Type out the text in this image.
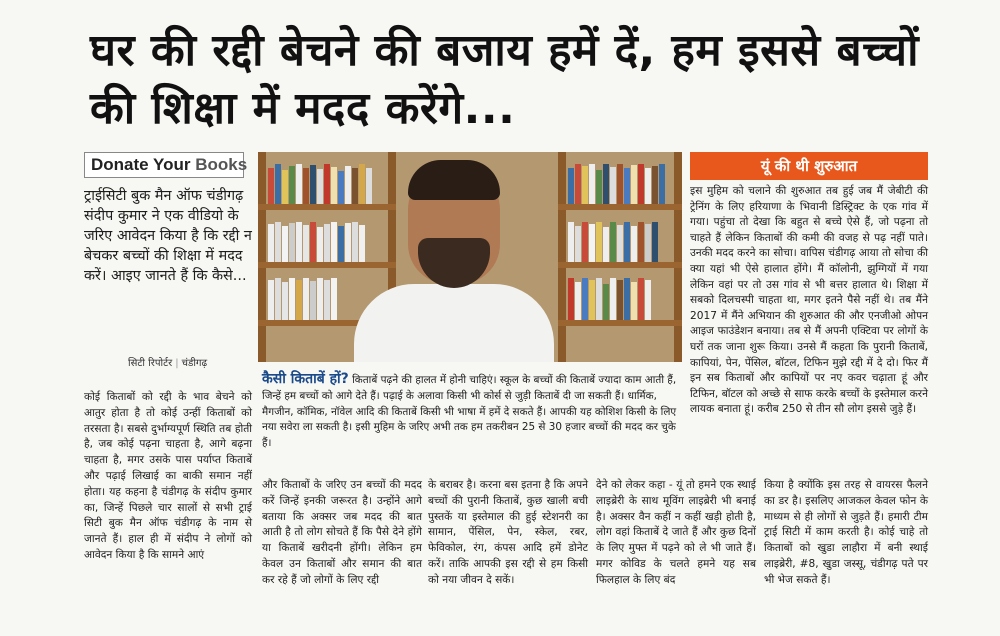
घर की रद्दी बेचने की बजाय हमें दें, हम इससे बच्चों की शिक्षा में मदद करेंगे...
Donate Your Books

ट्राईसिटी बुक मैन ऑफ चंडीगढ़ संदीप कुमार ने एक वीडियो के जरिए आवेदन किया है कि रद्दी न बेचकर बच्चों की शिक्षा में मदद करें। आइए जानते हैं कि कैसे...

सिटी रिपोर्टर | चंडीगढ़
यूं की थी शुरुआत

इस मुहिम को चलाने की शुरुआत तब हुई जब मैं जेबीटी की ट्रेनिंग के लिए हरियाणा के भिवानी डिस्ट्रिक्ट के एक गांव में गया। पहुंचा तो देखा कि बहुत से बच्चे ऐसे हैं, जो पढ़ना तो चाहते हैं लेकिन किताबों की कमी की वजह से पढ़ नहीं पाते। उनकी मदद करने का सोचा। वापिस चंडीगढ़ आया तो सोचा की क्या यहां भी ऐसे हालात होंगे। मैं कॉलोनी, झुग्गियों में गया लेकिन वहां पर तो उस गांव से भी बत्तर हालात थे। शिक्षा में सबको दिलचस्पी चाहता था, मगर इतने पैसे नहीं थे। तब मैंने 2017 में मैंने अभियान की शुरुआत की और एनजीओ ओपन आइज फाउंडेशन बनाया। तब से मैं अपनी एक्टिवा पर लोगों के घरों तक जाना शुरू किया। उनसे मैं कहता कि पुरानी किताबें, कापियां, पेन, पेंसिल, बॉटल, टिफिन मुझे रद्दी में दे दो। फिर मैं इन सब किताबों और कापियों पर नए कवर चढ़ाता हूं और टिफिन, बॉटल को अच्छे से साफ करके बच्चों के इस्तेमाल करने लायक बनाता हूं। करीब 250 से तीन सौ लोग इससे जुड़े हैं।

कैसी किताबें हों? किताबें पढ़ने की हालत में होनी चाहिएं। स्कूल के बच्चों की किताबें ज्यादा काम आती हैं, जिन्हें हम बच्चों को आगे देते हैं। पढ़ाई के अलावा किसी भी कोर्स से जुड़ी किताबें दी जा सकती हैं। धार्मिक, मैगजीन, कॉमिक, नॉवेल आदि की किताबें किसी भी भाषा में हमें दे सकते हैं। आपकी यह कोशिश किसी के लिए नया सवेरा ला सकती है। इसी मुहिम के जरिए अभी तक हम तकरीबन 25 से 30 हजार बच्चों की मदद कर चुके हैं।

कोई किताबों को रद्दी के भाव बेचने को आतुर होता है तो कोई उन्हीं किताबों को तरसता है। सबसे दुर्भाग्यपूर्ण स्थिति तब होती है, जब कोई पढ़ना चाहता है, आगे बढ़ना चाहता है, मगर उसके पास पर्याप्त किताबें और पढ़ाई लिखाई का बाकी समान नहीं होता। यह कहना है चंडीगढ़ के संदीप कुमार का, जिन्हें पिछले चार सालों से सभी ट्राई सिटी बुक मैन ऑफ चंडीगढ़ के नाम से जानते हैं। हाल ही में संदीप ने लोगों को आवेदन किया है कि सामने आएं

और किताबों के जरिए उन बच्चों की मदद करें जिन्हें इनकी जरूरत है। उन्होंने आगे बताया कि अक्सर जब मदद की बात आती है तो लोग सोचते हैं कि पैसे देने होंगे या किताबें खरीदनी होंगी। लेकिन हम केवल उन किताबों और समान की बात कर रहे हैं जो लोगों के लिए रद्दी

के बराबर है। करना बस इतना है कि अपने बच्चों की पुरानी किताबें, कुछ खाली बची पुस्तकें या इस्तेमाल की हुई स्टेशनरी का सामान, पेंसिल, पेन, स्केल, रबर, फेविकोल, रंग, कंपस आदि हमें डोनेट करें। ताकि आपकी इस रद्दी से हम किसी को नया जीवन दे सकें।

देने को लेकर कहा - यूं तो हमने एक स्थाई लाइब्रेरी के साथ मूविंग लाइब्रेरी भी बनाई है। अक्सर वैन कहीं न कहीं खड़ी होती है, लोग वहां किताबें दे जाते हैं और कुछ दिनों के लिए मुफ्त में पढ़ने को ले भी जाते हैं। मगर कोविड के चलते हमने यह सब फिलहाल के लिए बंद

किया है क्योंकि इस तरह से वायरस फैलने का डर है। इसलिए आजकल केवल फोन के माध्यम से ही लोगों से जुड़ते हैं। हमारी टीम ट्राई सिटी में काम करती है। कोई चाहे तो किताबों को खुडा लाहौरा में बनी स्थाई लाइब्रेरी, #8, खुडा जस्सू, चंडीगढ़ पते पर भी भेज सकते हैं।
